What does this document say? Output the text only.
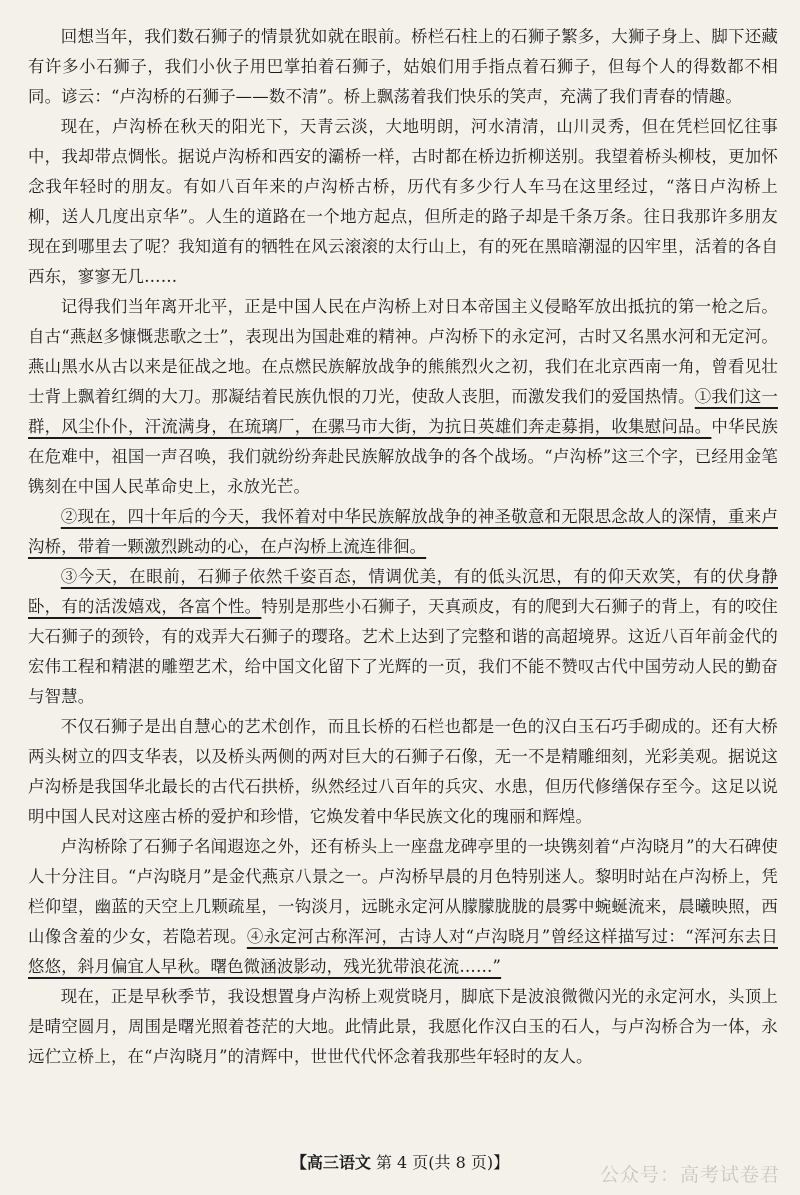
回想当年，我们数石狮子的情景犹如就在眼前。桥栏石柱上的石狮子繁多，大狮子身上、脚下还藏有许多小石狮子，我们小伙子用巴掌拍着石狮子，姑娘们用手指点着石狮子，但每个人的得数都不相同。谚云：“卢沟桥的石狮子——数不清”。桥上飘荡着我们快乐的笑声，充满了我们青春的情趣。

现在，卢沟桥在秋天的阳光下，天青云淡，大地明朗，河水清清，山川灵秀，但在凭栏回忆往事中，我却带点惆怅。据说卢沟桥和西安的灞桥一样，古时都在桥边折柳送别。我望着桥头柳枝，更加怀念我年轻时的朋友。有如八百年来的卢沟桥古桥，历代有多少行人车马在这里经过，“落日卢沟桥上柳，送人几度出京华”。人生的道路在一个地方起点，但所走的路子却是千条万条。往日我那许多朋友现在到哪里去了呢？我知道有的牺牲在风云滚滚的太行山上，有的死在黑暗潮湿的囚牢里，活着的各自西东，寥寥无几……

记得我们当年离开北平，正是中国人民在卢沟桥上对日本帝国主义侵略军放出抵抗的第一枪之后。自古“燕赵多慷慨悲歌之士”，表现出为国赴难的精神。卢沟桥下的永定河，古时又名黑水河和无定河。燕山黑水从古以来是征战之地。在点燃民族解放战争的熊熊烈火之初，我们在北京西南一角，曾看见壮士背上飘着红绸的大刀。那凝结着民族仇恨的刀光，使敌人丧胆，而激发我们的爱国热情。①我们这一群，风尘仆仆，汗流满身，在琉璃厂，在骡马市大街，为抗日英雄们奔走募捐，收集慰问品。中华民族在危难中，祖国一声召唤，我们就纷纷奔赴民族解放战争的各个战场。“卢沟桥”这三个字，已经用金笔镌刻在中国人民革命史上，永放光芒。

②现在，四十年后的今天，我怀着对中华民族解放战争的神圣敬意和无限思念故人的深情，重来卢沟桥，带着一颗激烈跳动的心，在卢沟桥上流连徘徊。

③今天，在眼前，石狮子依然千姿百态，情调优美，有的低头沉思，有的仰天欢笑，有的伏身静卧，有的活泼嬉戏，各富个性。特别是那些小石狮子，天真顽皮，有的爬到大石狮子的背上，有的咬住大石狮子的颈铃，有的戏弄大石狮子的璎珞。艺术上达到了完整和谐的高超境界。这近八百年前金代的宏伟工程和精湛的雕塑艺术，给中国文化留下了光辉的一页，我们不能不赞叹古代中国劳动人民的勤奋与智慧。

不仅石狮子是出自慧心的艺术创作，而且长桥的石栏也都是一色的汉白玉石巧手砌成的。还有大桥两头树立的四支华表，以及桥头两侧的两对巨大的石狮子石像，无一不是精雕细刻，光彩美观。据说这卢沟桥是我国华北最长的古代石拱桥，纵然经过八百年的兵灾、水患，但历代修缮保存至今。这足以说明中国人民对这座古桥的爱护和珍惜，它焕发着中华民族文化的瑰丽和辉煌。

卢沟桥除了石狮子名闻遐迩之外，还有桥头上一座盘龙碑亭里的一块镌刻着“卢沟晓月”的大石碑使人十分注目。“卢沟晓月”是金代燕京八景之一。卢沟桥早晨的月色特别迷人。黎明时站在卢沟桥上，凭栏仰望，幽蓝的天空上几颗疏星，一钩淡月，远眺永定河从朦朦胧胧的晨雾中蜿蜒流来，晨曦映照，西山像含羞的少女，若隐若现。④永定河古称浑河，古诗人对“卢沟晓月”曾经这样描写过：“浑河东去日悠悠，斜月偏宜人早秋。曙色微涵波影动，残光犹带浪花流……”

现在，正是早秋季节，我设想置身卢沟桥上观赏晓月，脚底下是波浪微微闪光的永定河水，头顶上是晴空圆月，周围是曙光照着苍茫的大地。此情此景，我愿化作汉白玉的石人，与卢沟桥合为一体，永远伫立桥上，在“卢沟晓月”的清辉中，世世代代怀念着我那些年轻时的友人。

【高三语文 第 4 页(共 8 页)】
公众号：高考试卷君
